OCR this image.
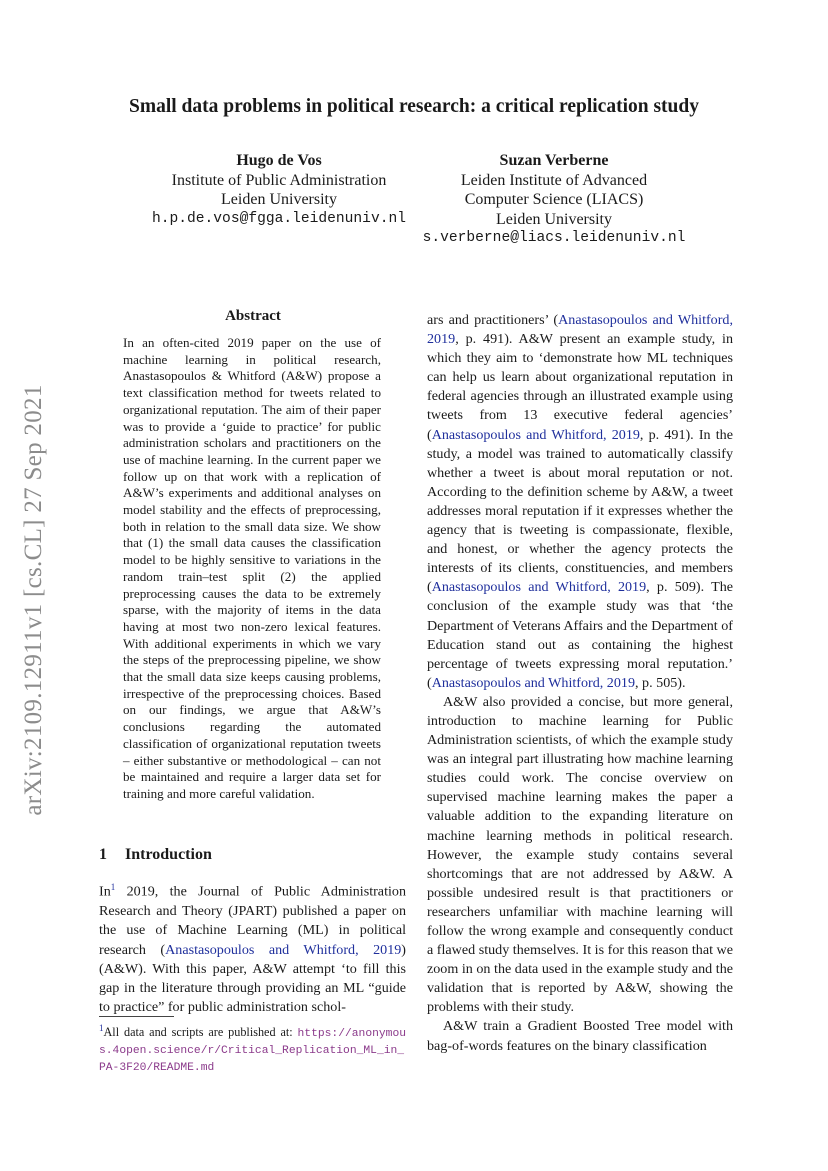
arXiv:2109.12911v1 [cs.CL] 27 Sep 2021
Small data problems in political research: a critical replication study
Hugo de Vos
Institute of Public Administration
Leiden University
h.p.de.vos@fgga.leidenuniv.nl
Suzan Verberne
Leiden Institute of Advanced
Computer Science (LIACS)
Leiden University
s.verberne@liacs.leidenuniv.nl
Abstract
In an often-cited 2019 paper on the use of machine learning in political research, Anastasopoulos & Whitford (A&W) propose a text classification method for tweets related to organizational reputation. The aim of their paper was to provide a ‘guide to practice’ for public administration scholars and practitioners on the use of machine learning. In the current paper we follow up on that work with a replication of A&W’s experiments and additional analyses on model stability and the effects of preprocessing, both in relation to the small data size. We show that (1) the small data causes the classification model to be highly sensitive to variations in the random train–test split (2) the applied preprocessing causes the data to be extremely sparse, with the majority of items in the data having at most two non-zero lexical features. With additional experiments in which we vary the steps of the preprocessing pipeline, we show that the small data size keeps causing problems, irrespective of the preprocessing choices. Based on our findings, we argue that A&W’s conclusions regarding the automated classification of organizational reputation tweets – either substantive or methodological – can not be maintained and require a larger data set for training and more careful validation.
1 Introduction
In$^1$ 2019, the Journal of Public Administration Research and Theory (JPART) published a paper on the use of Machine Learning (ML) in political research (Anastasopoulos and Whitford, 2019) (A&W). With this paper, A&W attempt ‘to fill this gap in the literature through providing an ML “guide to practice” for public administration schol-
$^1$All data and scripts are published at: https://anonymous.4open.science/r/Critical_Replication_ML_in_PA-3F20/README.md

ars and practitioners’ (Anastasopoulos and Whitford, 2019, p. 491). A&W present an example study, in which they aim to ‘demonstrate how ML techniques can help us learn about organizational reputation in federal agencies through an illustrated example using tweets from 13 executive federal agencies’ (Anastasopoulos and Whitford, 2019, p. 491). In the study, a model was trained to automatically classify whether a tweet is about moral reputation or not. According to the definition scheme by A&W, a tweet addresses moral reputation if it expresses whether the agency that is tweeting is compassionate, flexible, and honest, or whether the agency protects the interests of its clients, constituencies, and members (Anastasopoulos and Whitford, 2019, p. 509). The conclusion of the example study was that ‘the Department of Veterans Affairs and the Department of Education stand out as containing the highest percentage of tweets expressing moral reputation.’ (Anastasopoulos and Whitford, 2019, p. 505).

A&W also provided a concise, but more general, introduction to machine learning for Public Administration scientists, of which the example study was an integral part illustrating how machine learning studies could work. The concise overview on supervised machine learning makes the paper a valuable addition to the expanding literature on machine learning methods in political research. However, the example study contains several shortcomings that are not addressed by A&W. A possible undesired result is that practitioners or researchers unfamiliar with machine learning will follow the wrong example and consequently conduct a flawed study themselves. It is for this reason that we zoom in on the data used in the example study and the validation that is reported by A&W, showing the problems with their study.

A&W train a Gradient Boosted Tree model with bag-of-words features on the binary classification
